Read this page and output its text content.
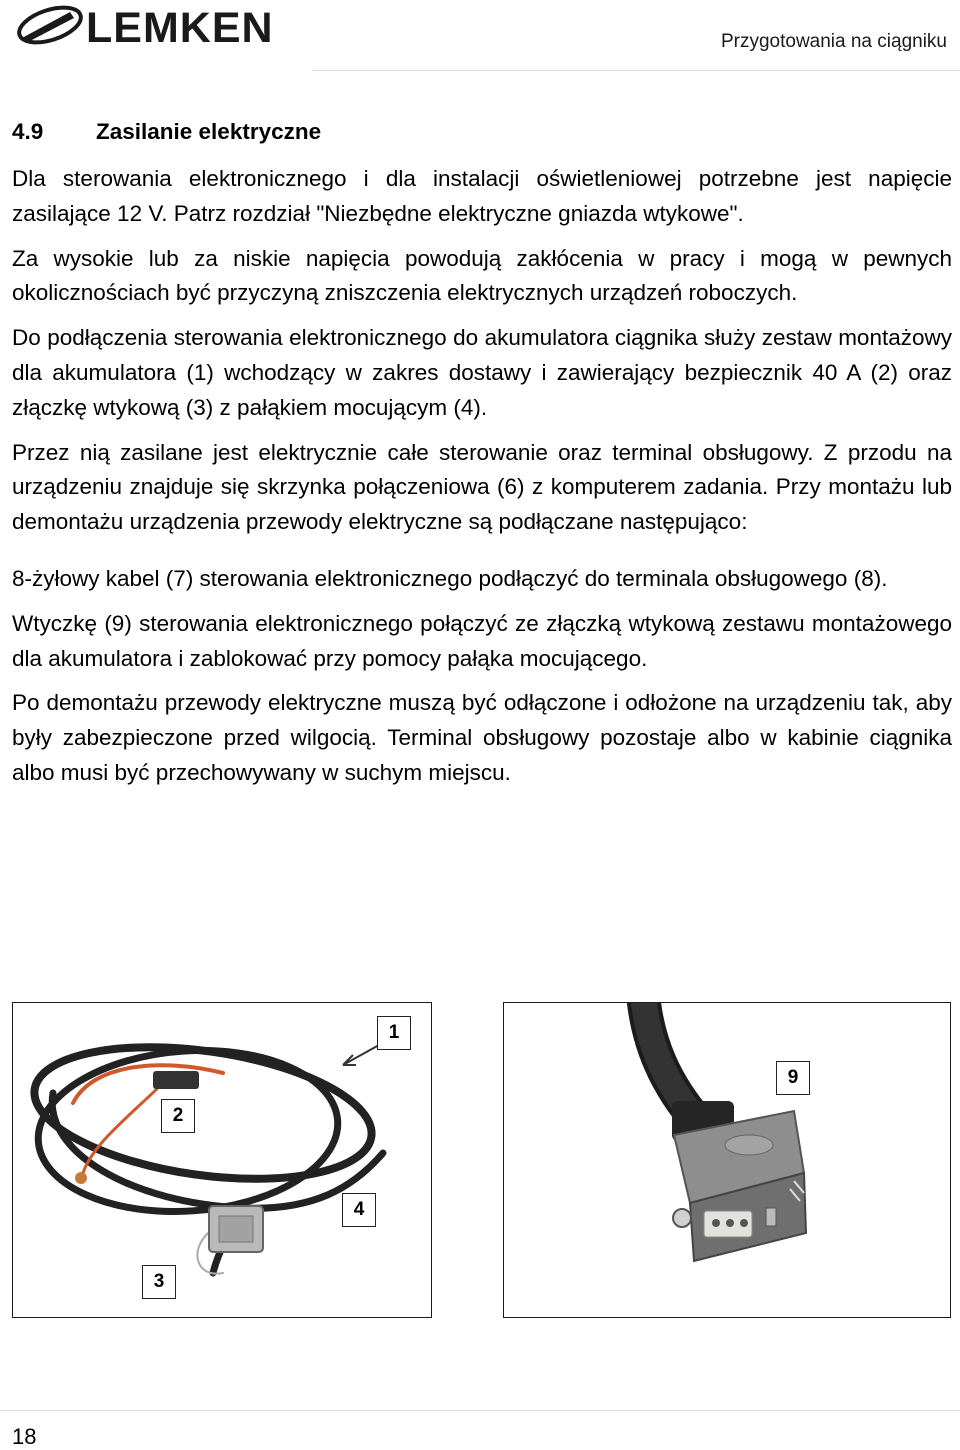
LEMKEN	Przygotowania na ciągniku
4.9 Zasilanie elektryczne

Dla sterowania elektronicznego i dla instalacji oświetleniowej potrzebne jest napięcie zasilające 12 V. Patrz rozdział "Niezbędne elektryczne gniazda wtykowe".

Za wysokie lub za niskie napięcia powodują zakłócenia w pracy i mogą w pewnych okolicznościach być przyczyną zniszczenia elektrycznych urządzeń roboczych.

Do podłączenia sterowania elektronicznego do akumulatora ciągnika służy zestaw montażowy dla akumulatora (1) wchodzący w zakres dostawy i zawierający bezpiecznik 40 A (2) oraz złączkę wtykową (3) z pałąkiem mocującym (4).

Przez nią zasilane jest elektrycznie całe sterowanie oraz terminal obsługowy. Z przodu na urządzeniu znajduje się skrzynka połączeniowa (6) z komputerem zadania. Przy montażu lub demontażu urządzenia przewody elektryczne są podłączane następująco:

8-żyłowy kabel (7) sterowania elektronicznego podłączyć do terminala obsługowego (8).

Wtyczkę (9) sterowania elektronicznego połączyć ze złączką wtykową zestawu montażowego dla akumulatora i zablokować przy pomocy pałąka mocującego.

Po demontażu przewody elektryczne muszą być odłączone i odłożone na urządzeniu tak, aby były zabezpieczone przed wilgocią. Terminal obsługowy pozostaje albo w kabinie ciągnika albo musi być przechowywany w suchym miejscu.

1
2
4
3
9
18
